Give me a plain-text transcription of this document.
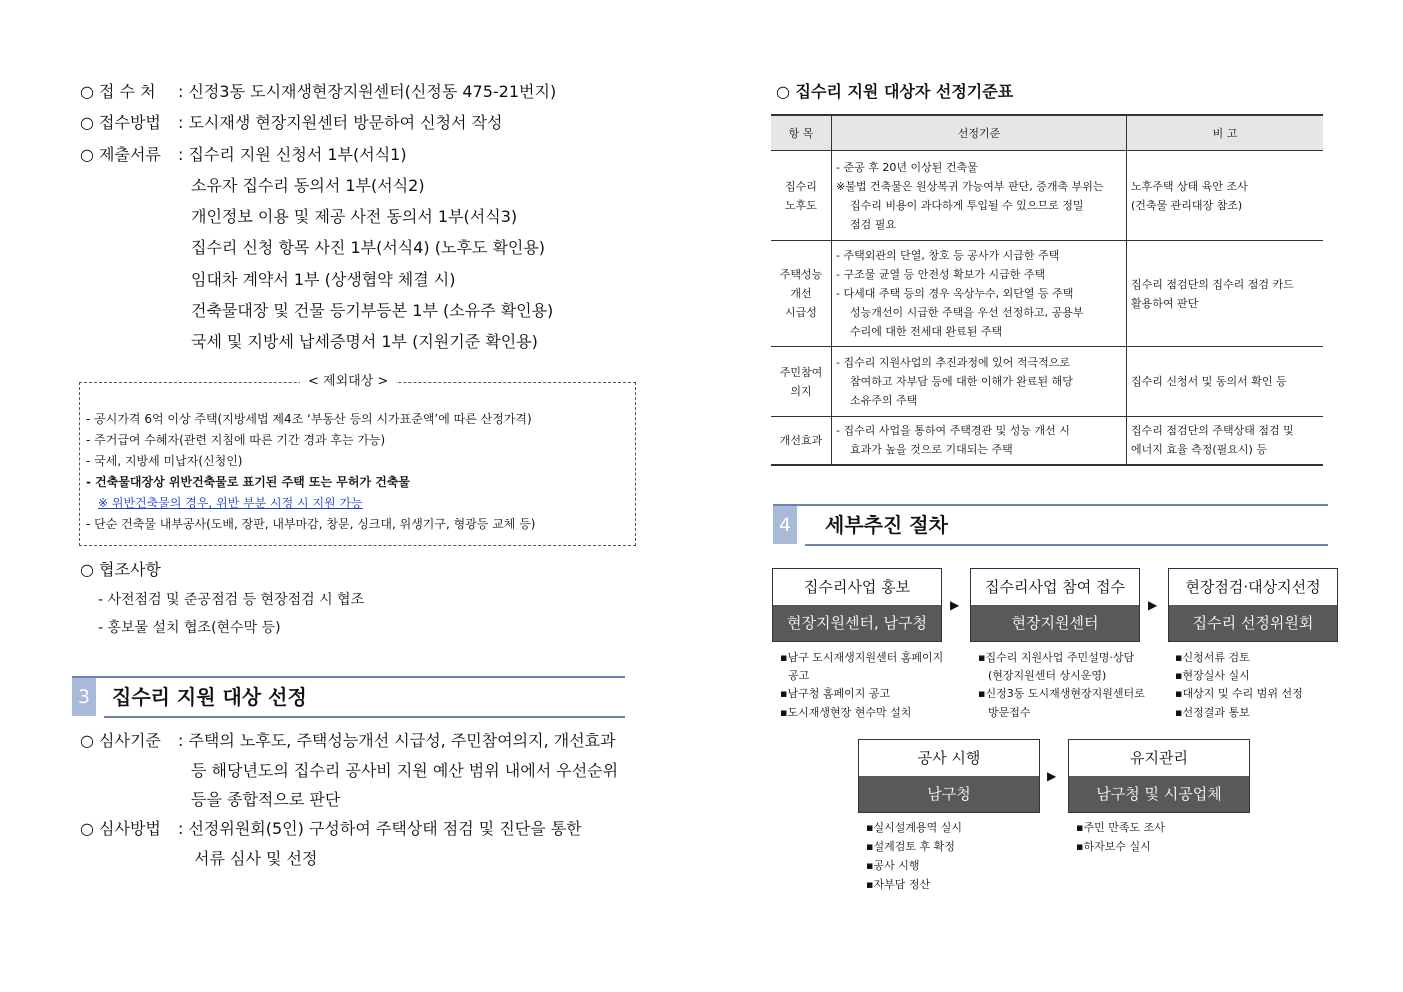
○ 접 수 처 : 신정3동 도시재생현장지원센터(신정동 475-21번지)
○ 접수방법 : 도시재생 현장지원센터 방문하여 신청서 작성
○ 제출서류 : 집수리 지원 신청서 1부(서식1)
소유자 집수리 동의서 1부(서식2)
개인정보 이용 및 제공 사전 동의서 1부(서식3)
집수리 신청 항목 사진 1부(서식4) (노후도 확인용)
임대차 계약서 1부 (상생협약 체결 시)
건축물대장 및 건물 등기부등본 1부 (소유주 확인용)
국세 및 지방세 납세증명서 1부 (지원기준 확인용)
< 제외대상 >
- 공시가격 6억 이상 주택(지방세법 제4조 ‘부동산 등의 시가표준액’에 따른 산정가격)
- 주거급여 수혜자(관련 지침에 따른 기간 경과 후는 가능)
- 국세, 지방세 미납자(신청인)
- 건축물대장상 위반건축물로 표기된 주택 또는 무허가 건축물
※ 위반건축물의 경우, 위반 부분 시정 시 지원 가능
- 단순 건축물 내부공사(도배, 장판, 내부마감, 창문, 싱크대, 위생기구, 형광등 교체 등)
○ 협조사항
- 사전점검 및 준공점검 등 현장점검 시 협조
- 홍보물 설치 협조(현수막 등)
3 집수리 지원 대상 선정
○ 심사기준 : 주택의 노후도, 주택성능개선 시급성, 주민참여의지, 개선효과
등 해당년도의 집수리 공사비 지원 예산 범위 내에서 우선순위
등을 종합적으로 판단
○ 심사방법 : 선정위원회(5인) 구성하여 주택상태 점검 및 진단을 통한
서류 심사 및 선정
○ 집수리 지원 대상자 선정기준표
항 목	선정기준	비 고
집수리
노후도	- 준공 후 20년 이상된 건축물
※불법 건축물은 원상복귀 가능여부 판단, 증개축 부위는

집수리 비용이 과다하게 투입될 수 있으므로 정밀
점검 필요	노후주택 상태 육안 조사
(건축물 관리대장 참조)
주택성능
개선
시급성	- 주택외관의 단열, 창호 등 공사가 시급한 주택
- 구조물 균열 등 안전성 확보가 시급한 주택
- 다세대 주택 등의 경우 옥상누수, 외단열 등 주택

성능개선이 시급한 주택을 우선 선정하고, 공용부
수리에 대한 전세대 완료된 주택	집수리 점검단의 집수리 점검 카드
활용하여 판단
주민참여
의지	- 집수리 지원사업의 추진과정에 있어 적극적으로

참여하고 자부담 등에 대한 이해가 완료된 해당
소유주의 주택	집수리 신청서 및 동의서 확인 등
개선효과	- 집수리 사업을 통하여 주택경관 및 성능 개선 시

효과가 높을 것으로 기대되는 주택	집수리 점검단의 주택상태 점검 및
에너지 효율 측정(필요시) 등
4 세부추진 절차
집수리사업 홍보
현장지원센터, 남구청
▶
집수리사업 참여 접수
현장지원센터
▶
현장점검·대상지선정
집수리 선정위원회
▪남구 도시재생지원센터 홈페이지
공고
▪남구청 홈페이지 공고
▪도시재생현장 현수막 설치
▪집수리 지원사업 주민설명·상담
(현장지원센터 상시운영)
▪신정3동 도시재생현장지원센터로
방문접수
▪신청서류 검토
▪현장실사 실시
▪대상지 및 수리 범위 선정
▪선정결과 통보
공사 시행
남구청
▶
유지관리
남구청 및 시공업체
▪실시설계용역 실시
▪설계검토 후 확정
▪공사 시행
▪자부담 정산
▪주민 만족도 조사
▪하자보수 실시
